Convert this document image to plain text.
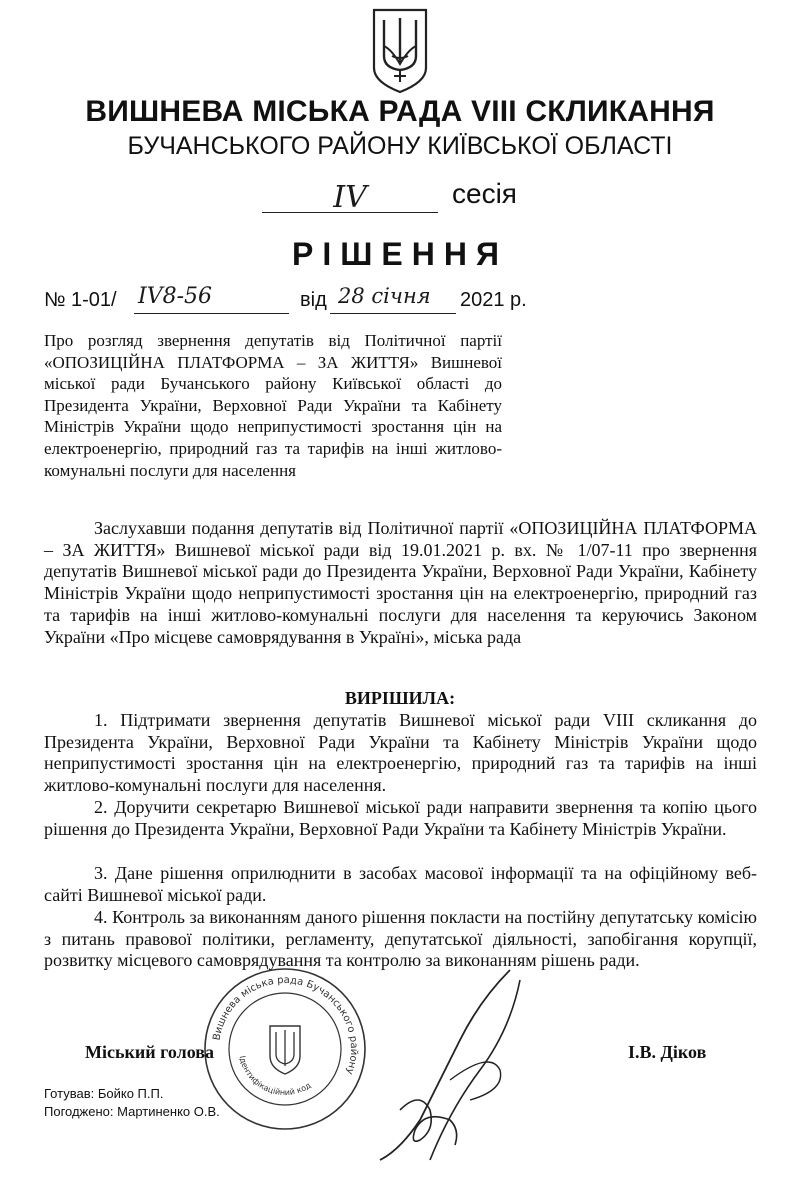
ВИШНЕВА МІСЬКА РАДА VIII СКЛИКАННЯ
БУЧАНСЬКОГО РАЙОНУ КИЇВСЬКОЇ ОБЛАСТІ
IV	сесія
РІШЕННЯ
№ 1-01/ IV8-56	від 28 січня 2021 р.
Про розгляд звернення депутатів від Політичної партії «ОПОЗИЦІЙНА ПЛАТФОРМА – ЗА ЖИТТЯ» Вишневої міської ради Бучанського району Київської області до Президента України, Верховної Ради України та Кабінету Міністрів України щодо неприпустимості зростання цін на електроенергію, природний газ та тарифів на інші житлово-комунальні послуги для населення
Заслухавши подання депутатів від Політичної партії «ОПОЗИЦІЙНА ПЛАТФОРМА – ЗА ЖИТТЯ» Вишневої міської ради від 19.01.2021 р. вх. № 1/07-11 про звернення депутатів Вишневої міської ради до Президента України, Верховної Ради України, Кабінету Міністрів України щодо неприпустимості зростання цін на електроенергію, природний газ та тарифів на інші житлово-комунальні послуги для населення та керуючись Законом України «Про місцеве самоврядування в Україні», міська рада
ВИРІШИЛА:
1. Підтримати звернення депутатів Вишневої міської ради VIII скликання до Президента України, Верховної Ради України та Кабінету Міністрів України щодо неприпустимості зростання цін на електроенергію, природний газ та тарифів на інші житлово-комунальні послуги для населення.
2. Доручити секретарю Вишневої міської ради направити звернення та копію цього рішення до Президента України, Верховної Ради України та Кабінету Міністрів України.
3. Дане рішення оприлюднити в засобах масової інформації та на офіційному веб-сайті Вишневої міської ради.
4. Контроль за виконанням даного рішення покласти на постійну депутатську комісію з питань правової політики, регламенту, депутатської діяльності, запобігання корупції, розвитку місцевого самоврядування та контролю за виконанням рішень ради.
Вишнева міська рада Бучанського району
Ідентифікаційний код
Міський голова	І.В. Діков
Готував: Бойко П.П.
Погоджено: Мартиненко О.В.
